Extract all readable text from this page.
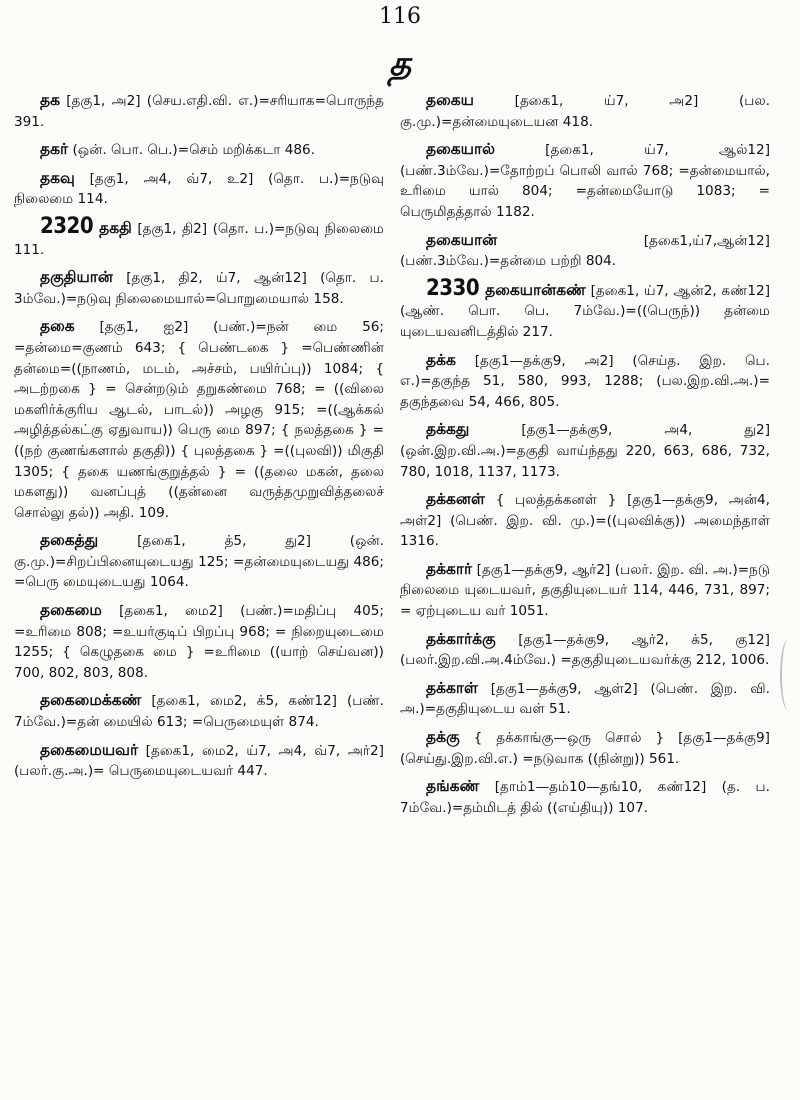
116
த

தக [தகு1, அ2] (செய.எதி.வி. எ.)=சரியாக=பொருந்த 391.

தகர் (ஒன். பொ. பெ.)=செம் மறிக்கடா 486.

தகவு [தகு1, அ4, வ்7, உ2] (தொ. ப.)=நடுவு நிலைமை 114.

2320 தகதி [தகு1, தி2] (தொ. ப.)=நடுவு நிலைமை 111.

தகுதியான் [தகு1, தி2, ய்7, ஆன்12] (தொ. ப. 3ம்வே.)=நடுவு நிலைமையால்=பொறுமையால் 158.

தகை [தகு1, ஐ2] (பண்.)=நன் மை 56; =தன்மை=குணம் 643; { பெண்டகை } =பெண்ணின் தன்மை=((நாணம், மடம், அச்சம், பயிர்ப்பு)) 1084; { அடற்றகை } = சென்றடும் தறுகண்மை 768; = ((விலை மகளிர்க்குரிய ஆடல், பாடல்)) அழகு 915; =((ஆக்கல் அழித்தல்கட்கு ஏதுவாய)) பெரு மை 897; { நலத்தகை } =((நற் குணங்களால் தகுதி)) { புலத்தகை } =((புலவி)) மிகுதி 1305; { தகை யணங்குறுத்தல் } = ((தலை மகன், தலை மகளது)) வனப்புத் ((தன்னை வருத்தமுறுவித்தலைச் சொல்லு தல்)) அதி. 109.

தகைத்து	[தகை1, த்5, து2] (ஒன். கு.மு.)=சிறப்பினையுடையது 125; =தன்மையுடையது 486; =பெரு மையுடையது 1064.

தகைமை [தகை1, மை2] (பண்.)=மதிப்பு 405; =உரிமை 808; =உயர்குடிப் பிறப்பு 968; = நிறையுடைமை 1255; { கெழுதகை மை } =உரிமை ((யாற் செய்வன)) 700, 802, 803, 808.

தகைமைக்கண் [தகை1, மை2, க்5, கண்12] (பண். 7ம்வே.)=தன் மையில் 613; =பெருமையுள் 874.

தகைமையவர் [தகை1, மை2, ய்7, அ4, வ்7, அர்2] (பலர்.கு.அ.)= பெருமையுடையவர் 447.

தகைய	[தகை1, ய்7, அ2] (பல. கு.மு.)=தன்மையுடையன 418.

தகையால்	[தகை1, ய்7, ஆல்12] (பண்.3ம்வே.)=தோற்றப் பொலி வால் 768; =தன்மையால், உரிமை யால் 804; =தன்மையோடு 1083; = பெருமிதத்தால் 1182.

தகையான்	[தகை1,ய்7,ஆன்12] (பண்.3ம்வே.)=தன்மை பற்றி 804.

2330 தகையான்கண் [தகை1, ய்7, ஆன்2, கண்12] (ஆண். பொ. பெ. 7ம்வே.)=((பெருந்)) தன்மை யுடையவனிடத்தில் 217.

தக்க [தகு1—தக்கு9, அ2] (செய்த. இற. பெ. எ.)=தகுந்த 51, 580, 993, 1288; (பல.இற.வி.அ.)= தகுந்தவை 54, 466, 805.

தக்கது	[தகு1—தக்கு9, அ4, து2] (ஒன்.இற.வி.அ.)=தகுதி வாய்ந்தது 220, 663, 686, 732, 780, 1018, 1137, 1173.

தக்கனள் { புலத்தக்கனள் } [தகு1—தக்கு9, அன்4, அள்2] (பெண். இற. வி. மு.)=((புலவிக்கு)) அமைந்தாள் 1316.

தக்கார் [தகு1—தக்கு9, ஆர்2] (பலர். இற. வி. அ.)=நடு நிலைமை யுடையவர், தகுதியுடையர் 114, 446, 731, 897; = ஏற்புடைய வர் 1051.

தக்கார்க்கு [தகு1—தக்கு9, ஆர்2, க்5, கு12] (பலர்.இற.வி.அ.4ம்வே.) =தகுதியுடையவர்க்கு 212, 1006.

தக்காள் [தகு1—தக்கு9, ஆள்2] (பெண். இற. வி. அ.)=தகுதியுடைய வள் 51.

தக்கு { தக்காங்கு—ஒரு சொல் } [தகு1—தக்கு9] (செய்து.இற.வி.எ.) =நடுவாக ((நின்று)) 561.

தங்கண் [தாம்1—தம்10—தங்10, கண்12] (த. ப. 7ம்வே.)=தம்மிடத் தில் ((எய்தியு)) 107.
